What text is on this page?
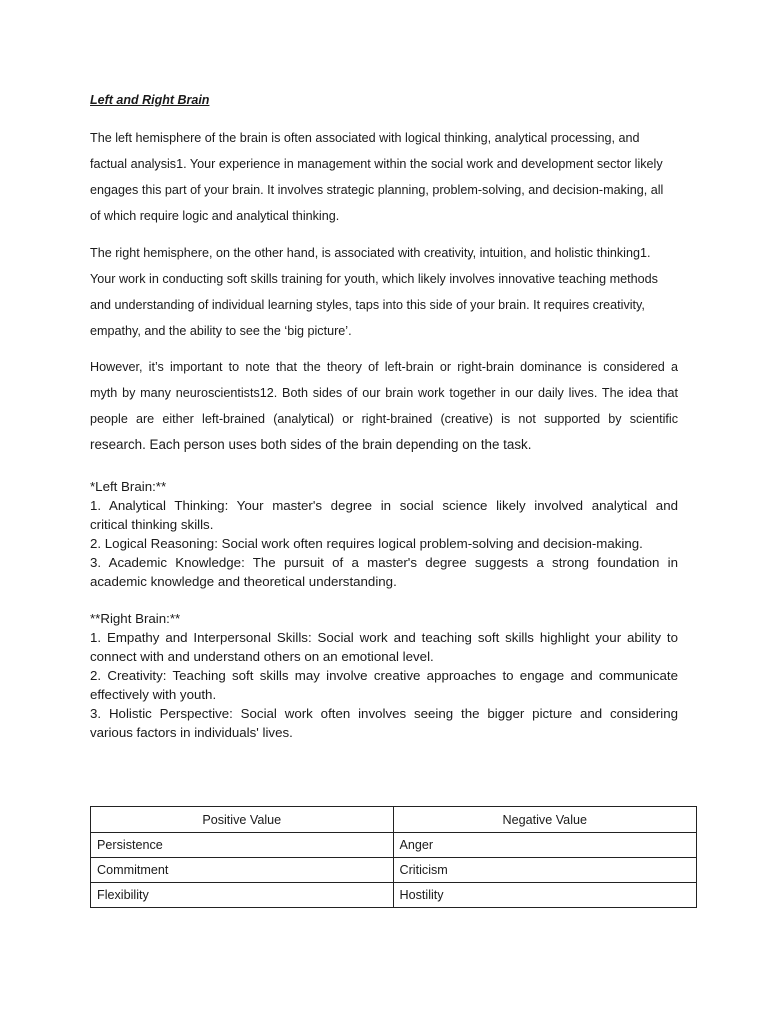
Left and Right Brain

The left hemisphere of the brain is often associated with logical thinking, analytical processing, and
factual analysis1. Your experience in management within the social work and development sector likely
engages this part of your brain. It involves strategic planning, problem-solving, and decision-making, all
of which require logic and analytical thinking.

The right hemisphere, on the other hand, is associated with creativity, intuition, and holistic thinking1.
Your work in conducting soft skills training for youth, which likely involves innovative teaching methods
and understanding of individual learning styles, taps into this side of your brain. It requires creativity,
empathy, and the ability to see the ‘big picture’.

However, it’s important to note that the theory of left-brain or right-brain dominance is considered a
myth by many neuroscientists12. Both sides of our brain work together in our daily lives. The idea that
people are either left-brained (analytical) or right-brained (creative) is not supported by scientific
research. Each person uses both sides of the brain depending on the task.

*Left Brain:**
1. Analytical Thinking: Your master's degree in social science likely involved analytical and
critical thinking skills.
2. Logical Reasoning: Social work often requires logical problem-solving and decision-making.
3. Academic Knowledge: The pursuit of a master's degree suggests a strong foundation in
academic knowledge and theoretical understanding.
**Right Brain:**
1. Empathy and Interpersonal Skills: Social work and teaching soft skills highlight your ability to
connect with and understand others on an emotional level.
2. Creativity: Teaching soft skills may involve creative approaches to engage and communicate
effectively with youth.
3. Holistic Perspective: Social work often involves seeing the bigger picture and considering
various factors in individuals' lives.
Positive Value	Negative Value
Persistence	Anger
Commitment	Criticism
Flexibility	Hostility
